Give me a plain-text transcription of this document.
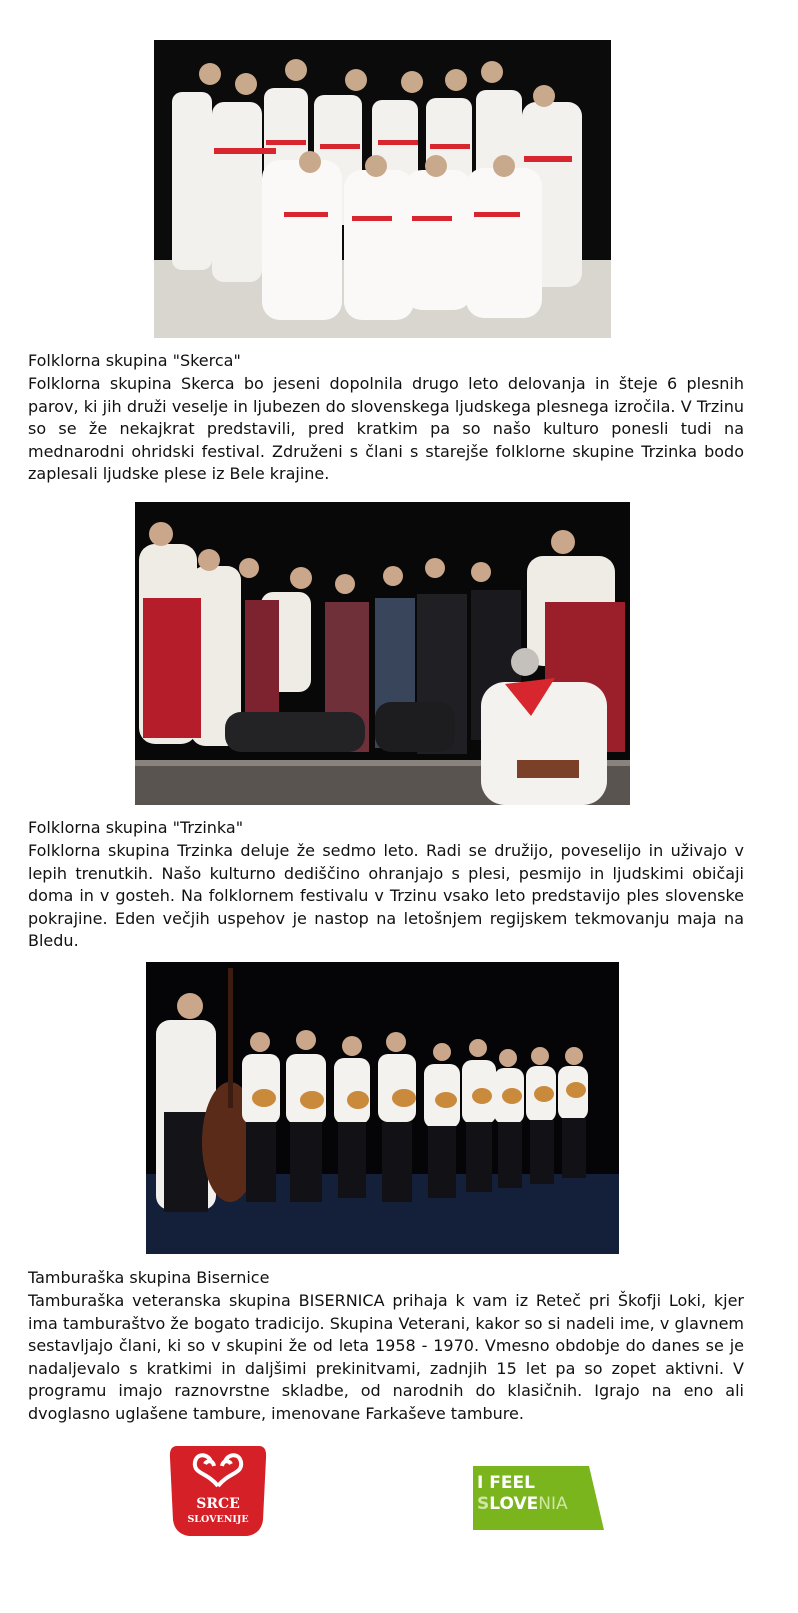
Folklorna skupina "Skerca"

Folklorna skupina Skerca bo jeseni dopolnila drugo leto delovanja in šteje 6 plesnih parov, ki jih druži veselje in ljubezen do slovenskega ljudskega plesnega izročila. V Trzinu so se že nekajkrat predstavili, pred kratkim pa so našo kulturo ponesli tudi na mednarodni ohridski festival. Združeni s člani s starejše folklorne skupine Trzinka bodo zaplesali ljudske plese iz Bele krajine.

Folklorna skupina "Trzinka"

Folklorna skupina Trzinka deluje že sedmo leto. Radi se družijo, poveselijo in uživajo v lepih trenutkih. Našo kulturno dediščino ohranjajo s plesi, pesmijo in ljudskimi običaji doma in v gosteh. Na folklornem festivalu v Trzinu vsako leto predstavijo ples slovenske pokrajine. Eden večjih uspehov je nastop na letošnjem regijskem tekmovanju maja na Bledu.

Tamburaška skupina Bisernice

Tamburaška veteranska skupina BISERNICA prihaja k vam iz Reteč pri Škofji Loki, kjer ima tamburaštvo že bogato tradicijo. Skupina Veterani, kakor so si nadeli ime, v glavnem sestavljajo člani, ki so v skupini že od leta 1958 - 1970. Vmesno obdobje do danes se je nadaljevalo s kratkimi in daljšimi prekinitvami, zadnjih 15 let pa so zopet aktivni. V programu imajo raznovrstne skladbe, od narodnih do klasičnih. Igrajo na eno ali dvoglasno uglašene tambure, imenovane Farkaševe tambure.

SRCE
SLOVENIJE
I FEEL
SLOVENIA
